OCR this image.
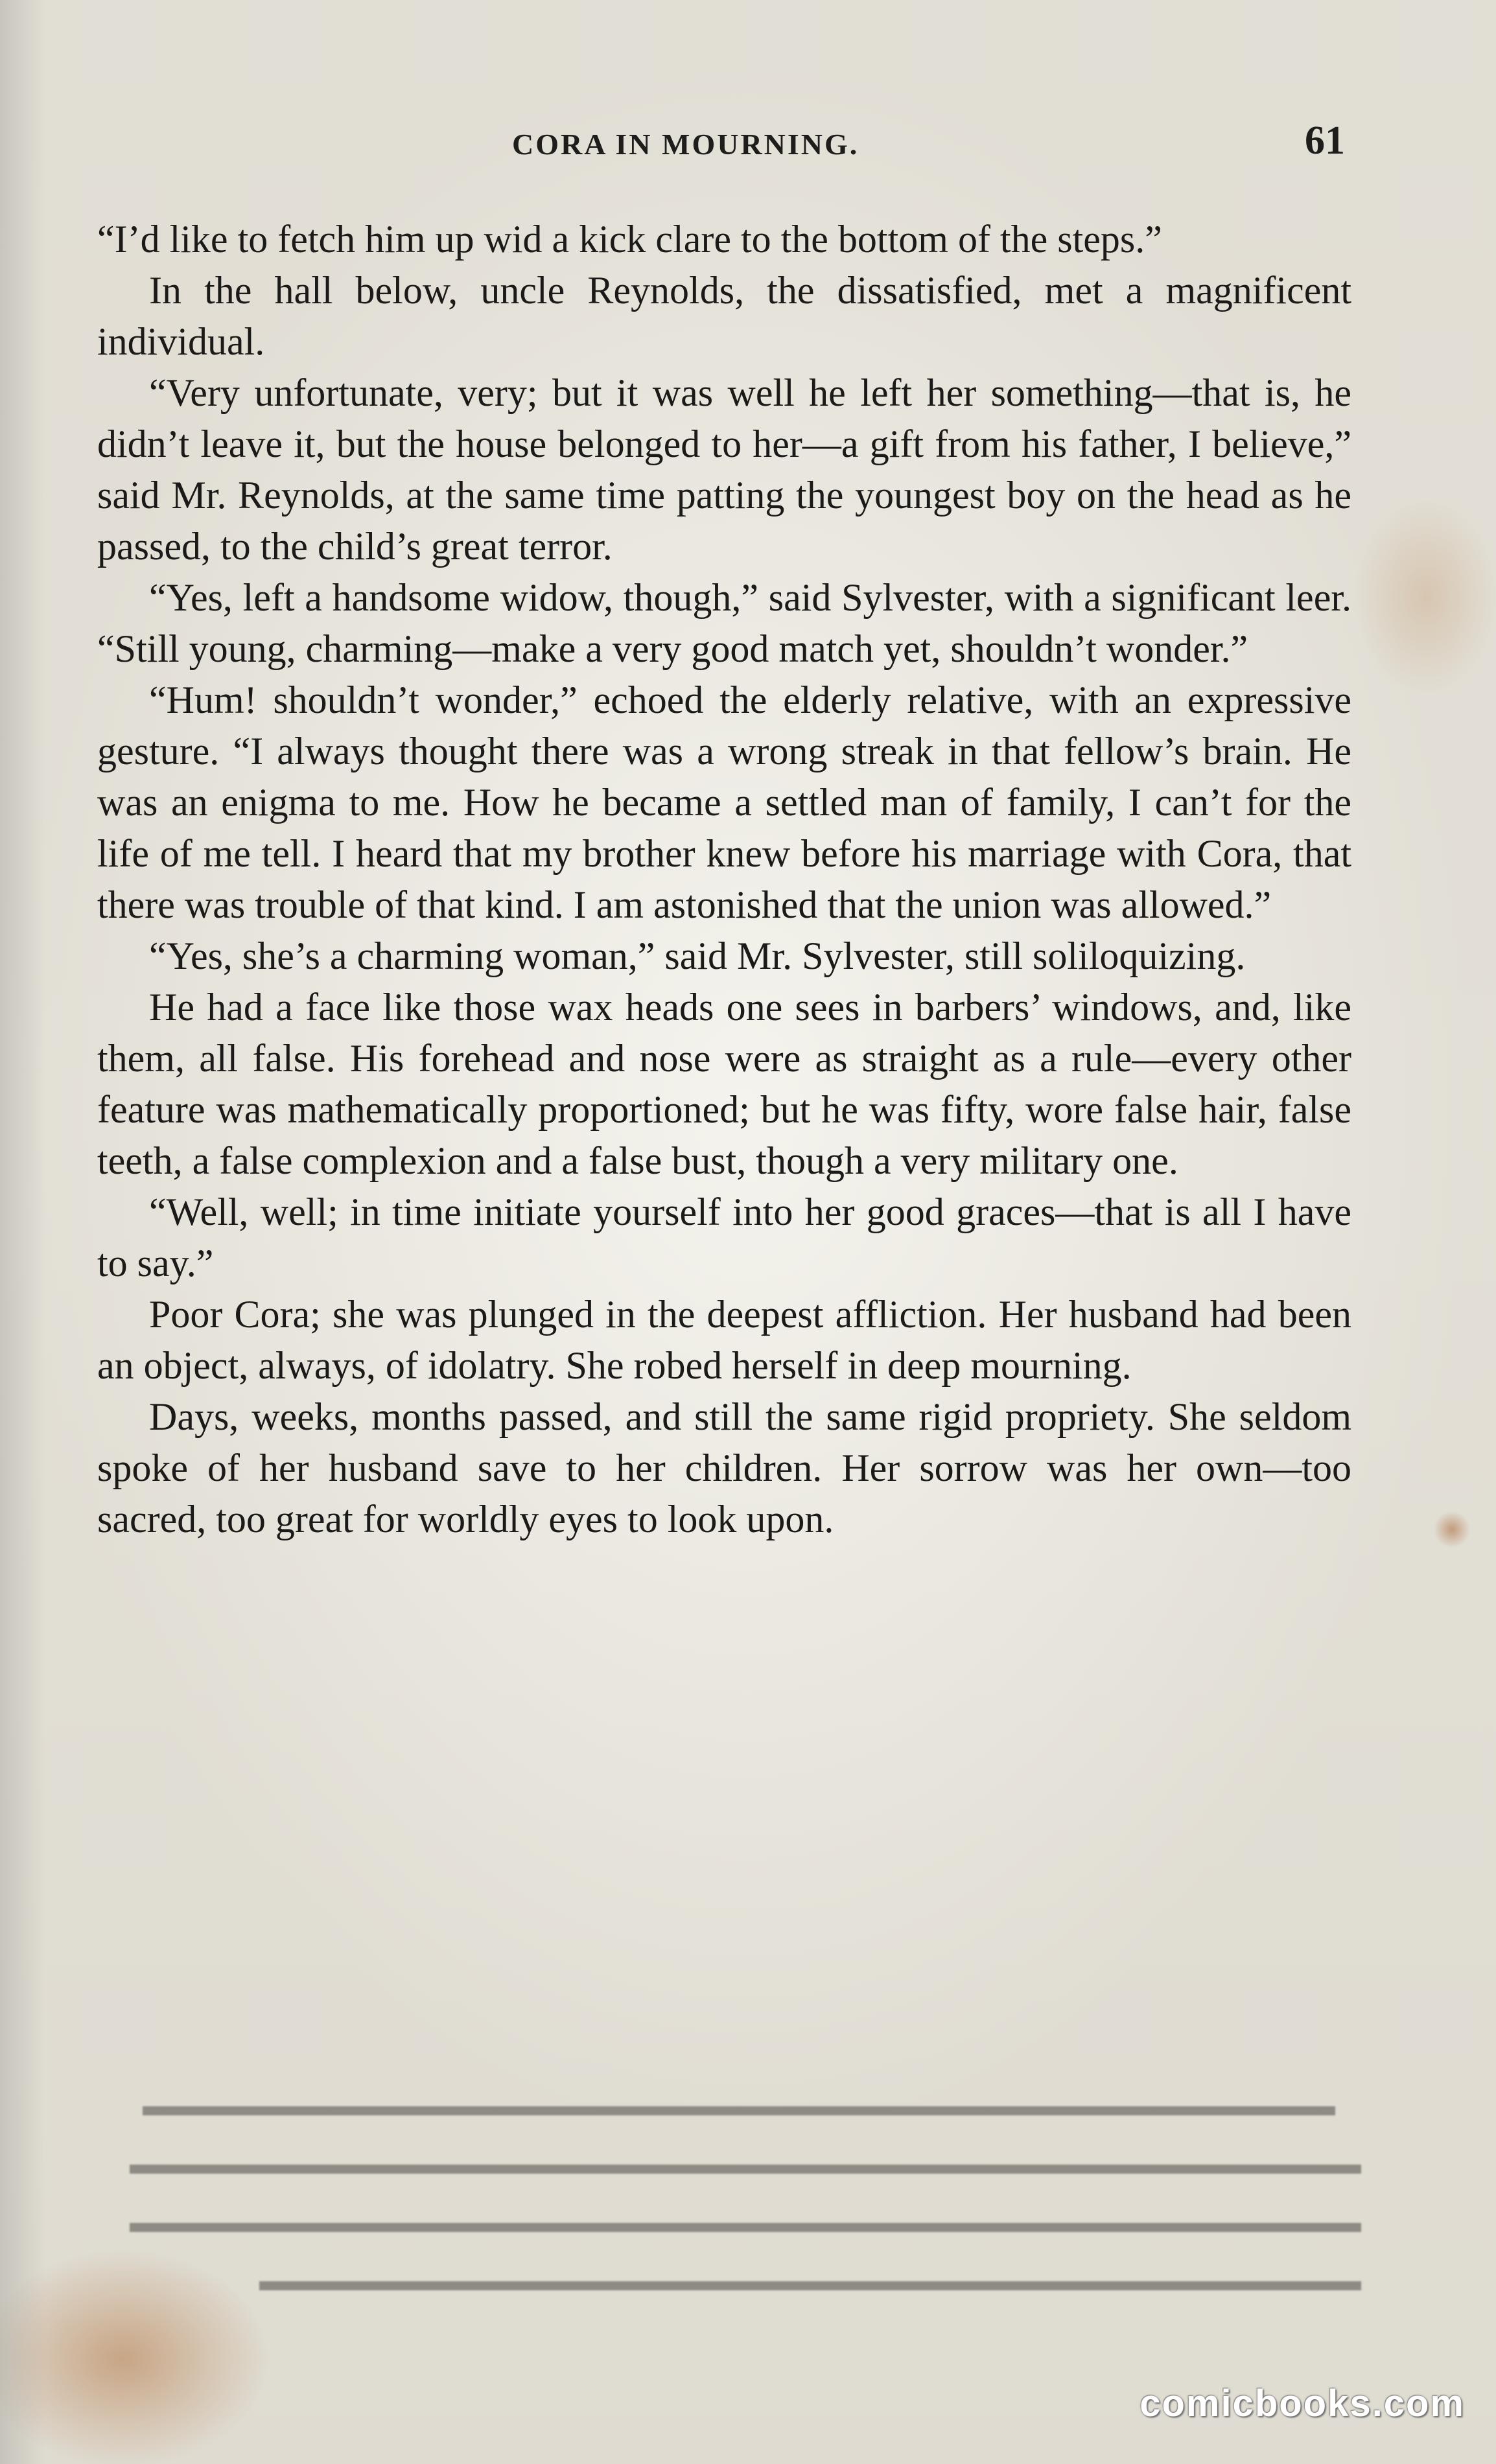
CORA IN MOURNING.	61

“I’d like to fetch him up wid a kick clare to the bottom of the steps.”

In the hall below, uncle Reynolds, the dissatisfied, met a magnificent individual.

“Very unfortunate, very; but it was well he left her something—that is, he didn’t leave it, but the house belonged to her—a gift from his father, I believe,” said Mr. Reynolds, at the same time patting the youngest boy on the head as he passed, to the child’s great terror.

“Yes, left a handsome widow, though,” said Sylvester, with a significant leer. “Still young, charming—make a very good match yet, shouldn’t wonder.”

“Hum! shouldn’t wonder,” echoed the elderly relative, with an expressive gesture. “I always thought there was a wrong streak in that fellow’s brain. He was an enigma to me. How he became a settled man of family, I can’t for the life of me tell. I heard that my brother knew before his marriage with Cora, that there was trouble of that kind. I am astonished that the union was allowed.”

“Yes, she’s a charming woman,” said Mr. Sylvester, still soliloquizing.

He had a face like those wax heads one sees in barbers’ windows, and, like them, all false. His forehead and nose were as straight as a rule—every other feature was mathematically proportioned; but he was fifty, wore false hair, false teeth, a false complexion and a false bust, though a very military one.

“Well, well; in time initiate yourself into her good graces—that is all I have to say.”

Poor Cora; she was plunged in the deepest affliction. Her husband had been an object, always, of idolatry. She robed herself in deep mourning.

Days, weeks, months passed, and still the same rigid propriety. She seldom spoke of her husband save to her children. Her sorrow was her own—too sacred, too great for worldly eyes to look upon.

comicbooks.com
